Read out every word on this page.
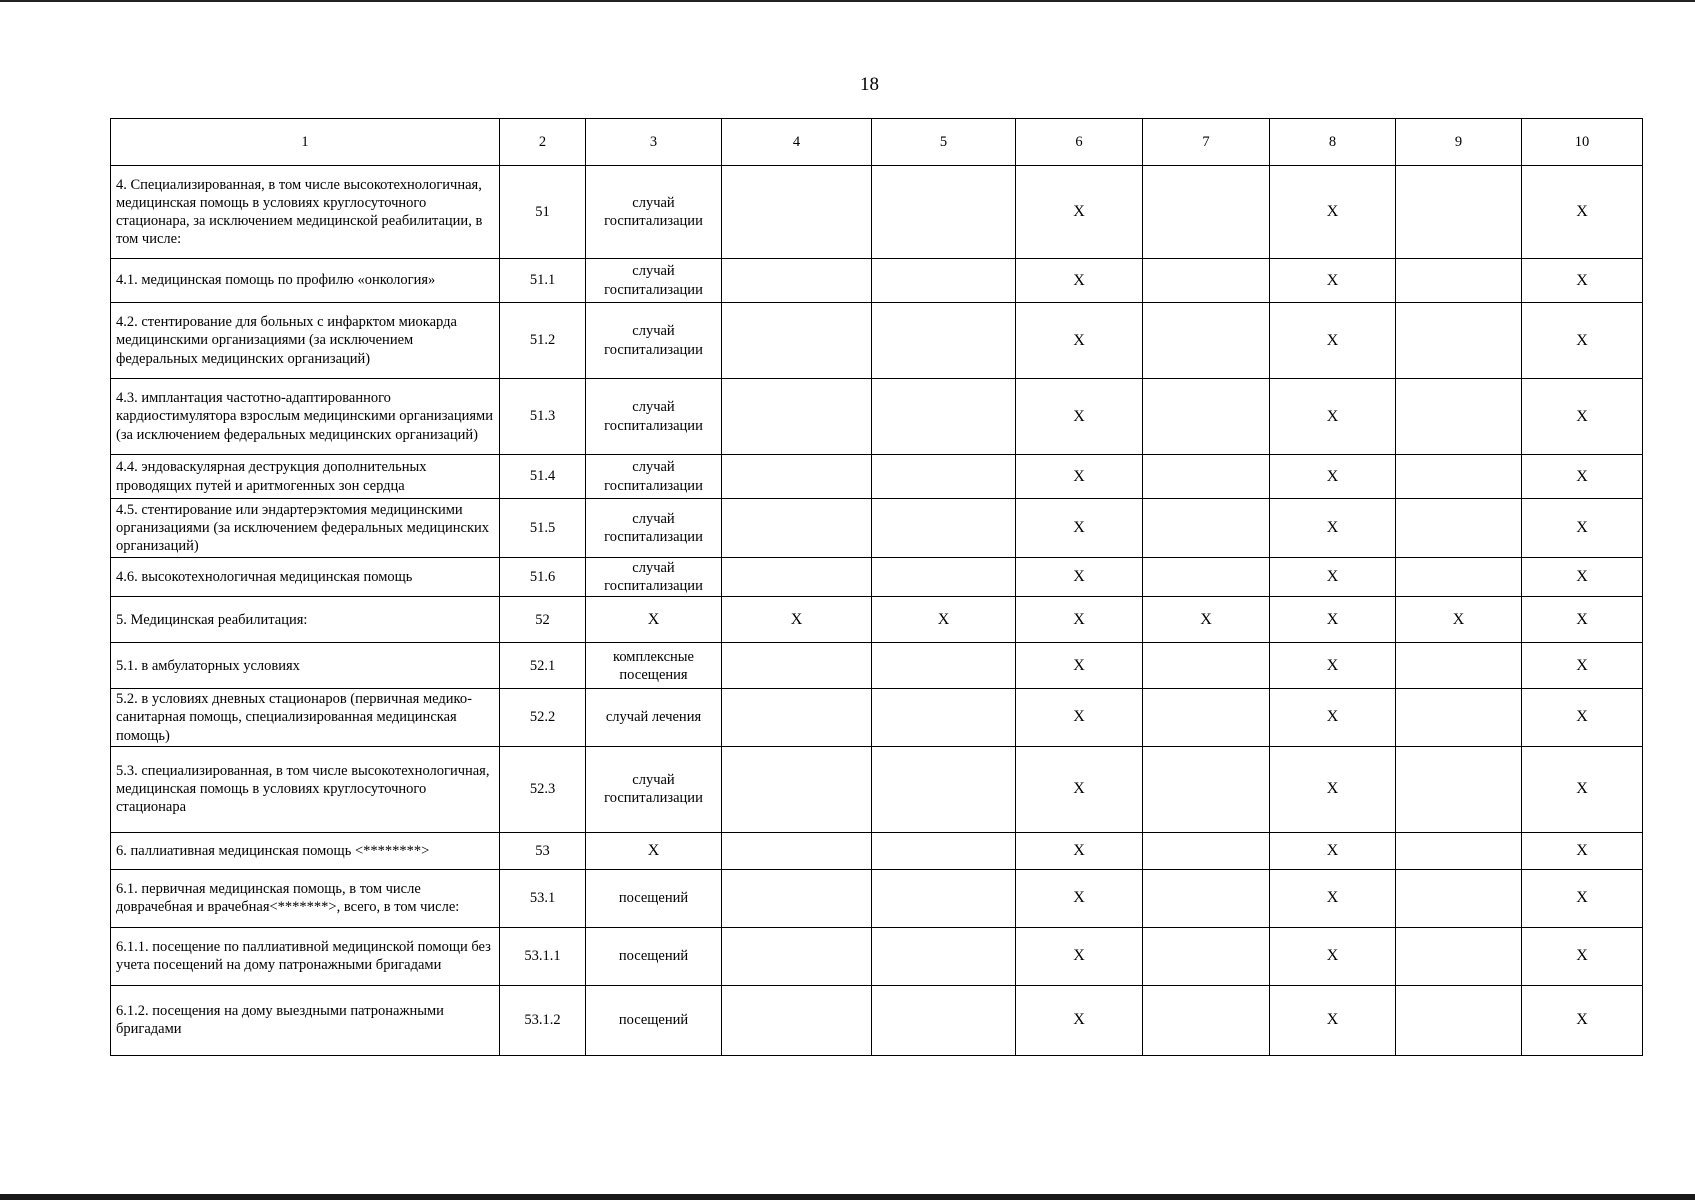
18
1	2	3	4	5	6	7	8	9	10
4. Специализированная, в том числе высокотехнологичная, медицинская помощь в условиях круглосуточного стационара, за исключением медицинской реабилитации, в том числе:	51	случай госпитализации			X		X		X
4.1. медицинская помощь по профилю «онкология»	51.1	случай госпитализации			X		X		X
4.2. стентирование для больных с инфарктом миокарда медицинскими организациями (за исключением федеральных медицинских организаций)	51.2	случай госпитализации			X		X		X
4.3. имплантация частотно-адаптированного кардиостимулятора взрослым медицинскими организациями (за исключением федеральных медицинских организаций)	51.3	случай госпитализации			X		X		X
4.4. эндоваскулярная деструкция дополнительных проводящих путей и аритмогенных зон сердца	51.4	случай госпитализации			X		X		X
4.5. стентирование или эндартерэктомия медицинскими организациями (за исключением федеральных медицинских организаций)	51.5	случай госпитализации			X		X		X
4.6. высокотехнологичная медицинская помощь	51.6	случай госпитализации			X		X		X
5. Медицинская реабилитация:	52	X	X	X	X	X	X	X	X
5.1. в амбулаторных условиях	52.1	комплексные посещения			X		X		X
5.2. в условиях дневных стационаров (первичная медико-санитарная помощь, специализированная медицинская помощь)	52.2	случай лечения			X		X		X
5.3. специализированная, в том числе высокотехнологичная, медицинская помощь в условиях круглосуточного стационара	52.3	случай госпитализации			X		X		X
6. паллиативная медицинская помощь <********>	53	X			X		X		X
6.1. первичная медицинская помощь, в том числе доврачебная и врачебная<*******>, всего, в том числе:	53.1	посещений			X		X		X
6.1.1. посещение по паллиативной медицинской помощи без учета посещений на дому патронажными бригадами	53.1.1	посещений			X		X		X
6.1.2. посещения на дому выездными патронажными бригадами	53.1.2	посещений			X		X		X
